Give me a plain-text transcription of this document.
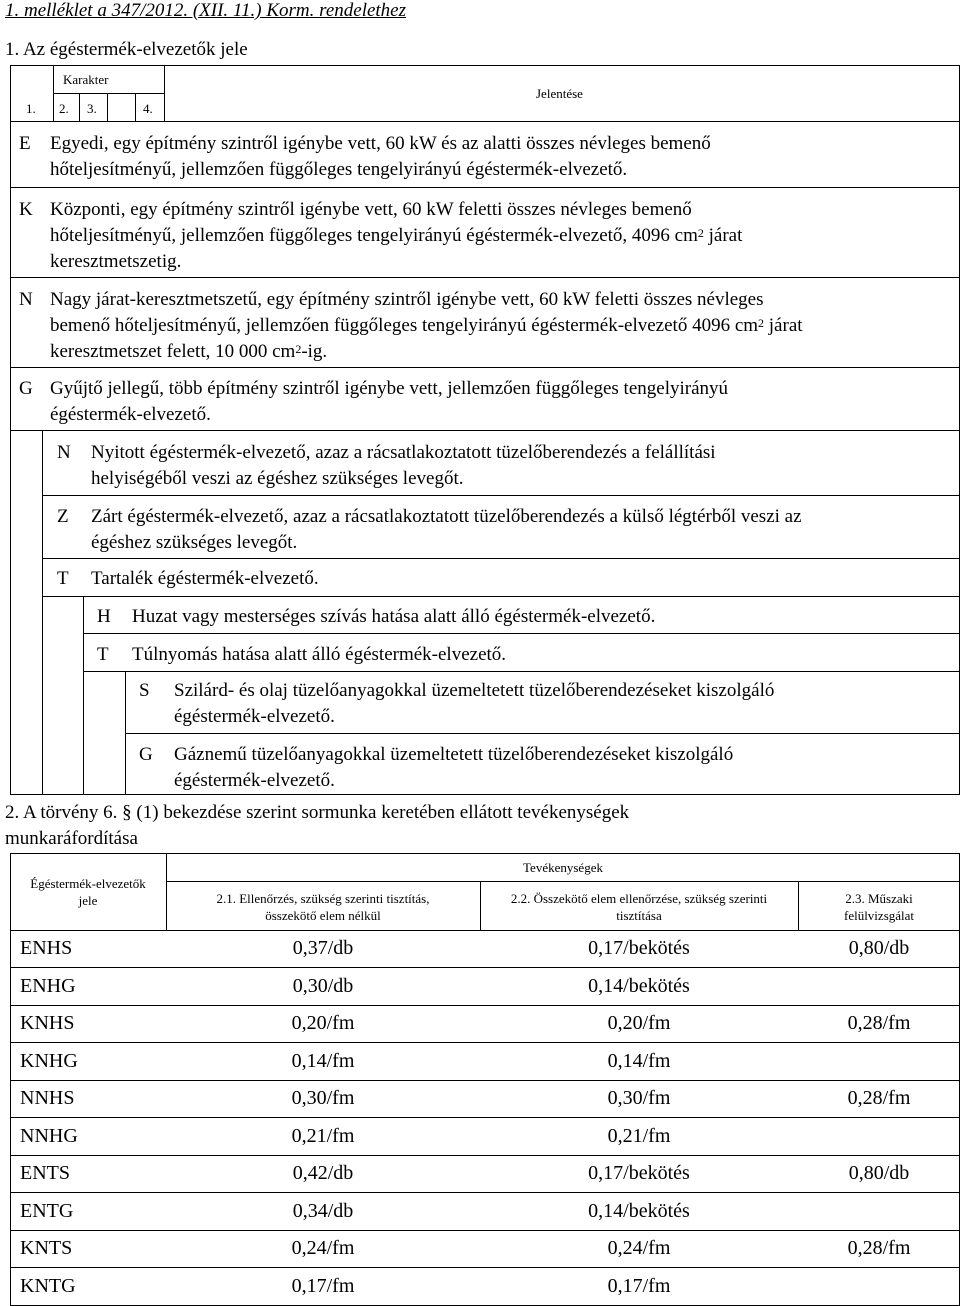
1. melléklet a 347/2012. (XII. 11.) Korm. rendelethez
1. Az égéstermék-elvezetők jele
Karakter
1. 2. 3.	4.
Jelentése
E Egyedi, egy építmény szintről igénybe vett, 60 kW és az alatti összes névleges bemenő
hőteljesítményű, jellemzően függőleges tengelyirányú égéstermék-elvezető.
K Központi, egy építmény szintről igénybe vett, 60 kW feletti összes névleges bemenő
hőteljesítményű, jellemzően függőleges tengelyirányú égéstermék-elvezető, 4096 $cm^2$ járat
keresztmetszetig.
N Nagy járat-keresztmetszetű, egy építmény szintről igénybe vett, 60 kW feletti összes névleges
bemenő hőteljesítményű, jellemzően függőleges tengelyirányú égéstermék-elvezető 4096 $cm^2$ járat
keresztmetszet felett, 10 000 $cm^2-ig$.
G Gyűjtő jellegű, több építmény szintről igénybe vett, jellemzően függőleges tengelyirányú
égéstermék-elvezető.
N Nyitott égéstermék-elvezető, azaz a rácsatlakoztatott tüzelőberendezés a felállítási
helyiségéből veszi az égéshez szükséges levegőt.
Z Zárt égéstermék-elvezető, azaz a rácsatlakoztatott tüzelőberendezés a külső légtérből veszi az
égéshez szükséges levegőt.
T Tartalék égéstermék-elvezető.
H Huzat vagy mesterséges szívás hatása alatt álló égéstermék-elvezető.
T Túlnyomás hatása alatt álló égéstermék-elvezető.
S Szilárd- és olaj tüzelőanyagokkal üzemeltetett tüzelőberendezéseket kiszolgáló
égéstermék-elvezető.
G Gáznemű tüzelőanyagokkal üzemeltetett tüzelőberendezéseket kiszolgáló
égéstermék-elvezető.
2. A törvény 6. § (1) bekezdése szerint sormunka keretében ellátott tevékenységek
munkaráfordítása
Égéstermék-elvezetők
jele
Tevékenységek
2.1. Ellenőrzés, szükség szerinti tisztítás,
összekötő elem nélkül
2.2. Összekötő elem ellenőrzése, szükség szerinti
tisztítása
2.3. Műszaki
felülvizsgálat
ENHS	0,37/db	0,17/bekötés	0,80/db
ENHG	0,30/db	0,14/bekötés
KNHS	0,20/fm	0,20/fm	0,28/fm
KNHG	0,14/fm	0,14/fm
NNHS	0,30/fm	0,30/fm	0,28/fm
NNHG	0,21/fm	0,21/fm
ENTS	0,42/db	0,17/bekötés	0,80/db
ENTG	0,34/db	0,14/bekötés
KNTS	0,24/fm	0,24/fm	0,28/fm
KNTG	0,17/fm	0,17/fm
